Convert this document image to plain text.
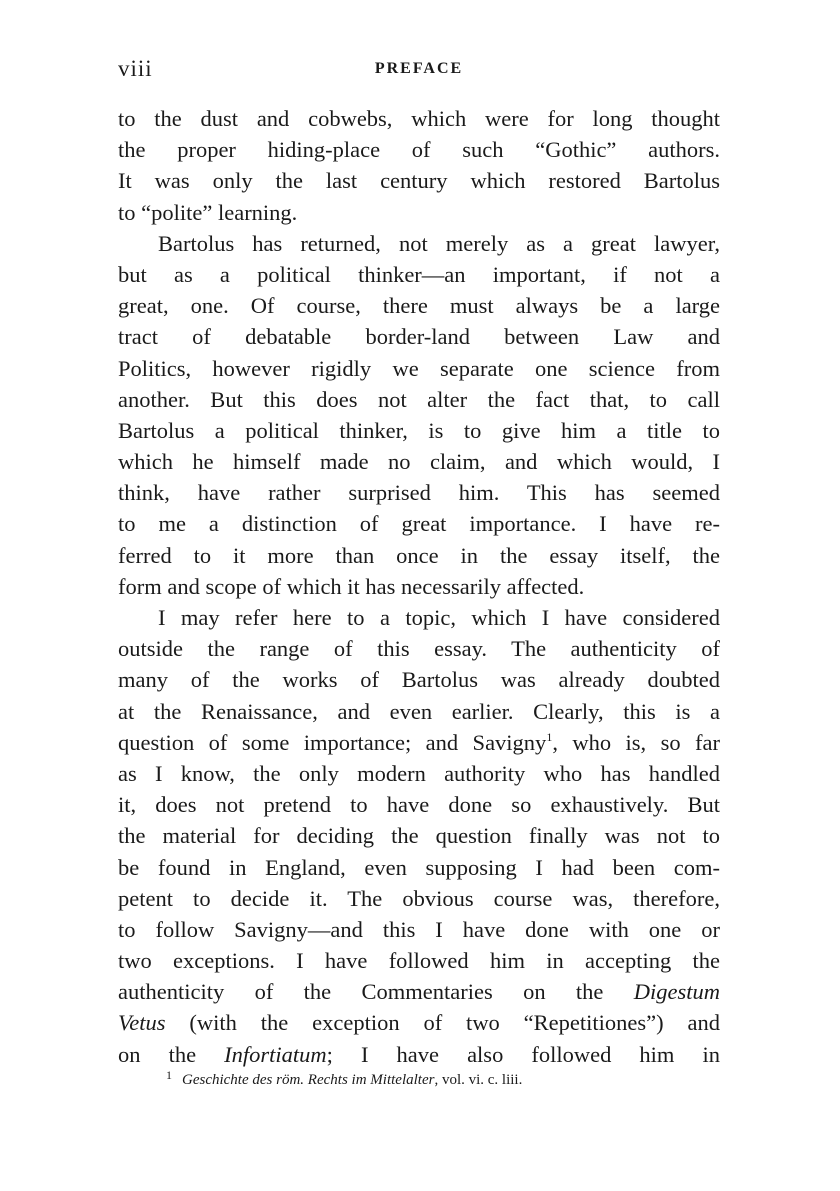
viii	PREFACE
to the dust and cobwebs, which were for long thought
the proper hiding-place of such “Gothic” authors.
It was only the last century which restored Bartolus
to “polite” learning.
Bartolus has returned, not merely as a great lawyer,
but as a political thinker—an important, if not a
great, one. Of course, there must always be a large
tract of debatable border-land between Law and
Politics, however rigidly we separate one science from
another. But this does not alter the fact that, to call
Bartolus a political thinker, is to give him a title to
which he himself made no claim, and which would, I
think, have rather surprised him. This has seemed
to me a distinction of great importance. I have re-
ferred to it more than once in the essay itself, the
form and scope of which it has necessarily affected.
I may refer here to a topic, which I have considered
outside the range of this essay. The authenticity of
many of the works of Bartolus was already doubted
at the Renaissance, and even earlier. Clearly, this is a
question of some importance; and Savigny$^1$, who is, so far
as I know, the only modern authority who has handled
it, does not pretend to have done so exhaustively. But
the material for deciding the question finally was not to
be found in England, even supposing I had been com-
petent to decide it. The obvious course was, therefore,
to follow Savigny—and this I have done with one or
two exceptions. I have followed him in accepting the
authenticity of the Commentaries on the Digestum
Vetus (with the exception of two “Repetitiones”) and
on the Infortiatum; I have also followed him in
1 Geschichte des röm. Rechts im Mittelalter, vol. vi. c. liii.
